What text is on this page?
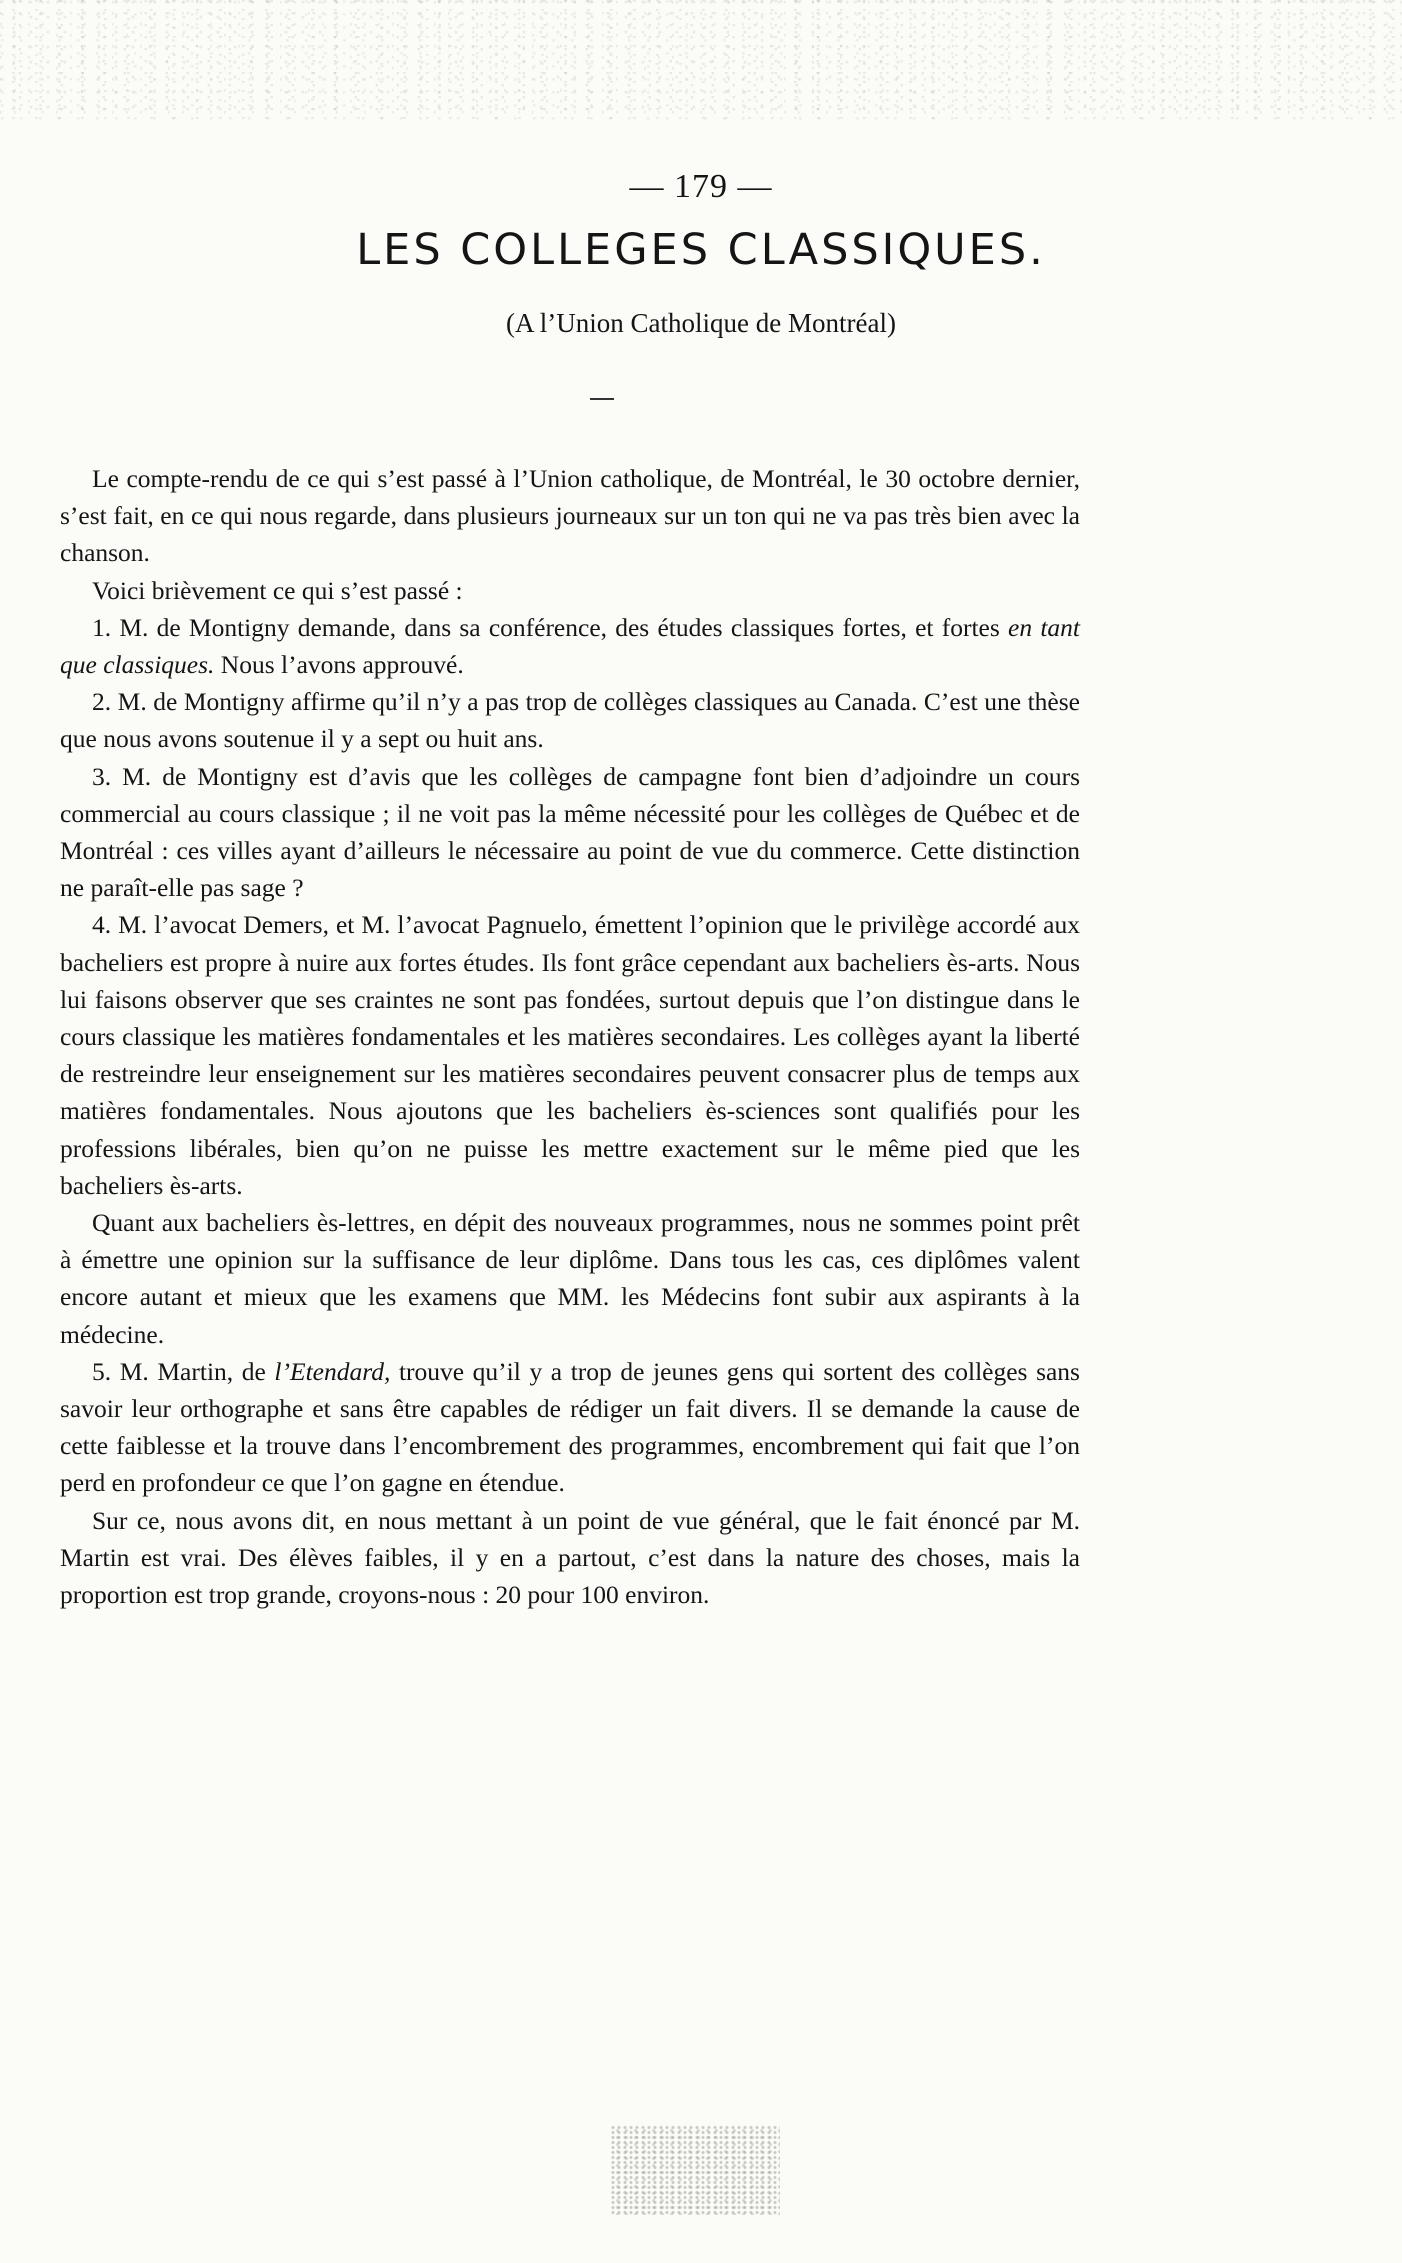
— 179 —
LES COLLEGES CLASSIQUES.
(A l’Union Catholique de Montréal)

Le compte-rendu de ce qui s’est passé à l’Union catholique, de Montréal, le 30 octobre dernier, s’est fait, en ce qui nous regarde, dans plusieurs journeaux sur un ton qui ne va pas très bien avec la chanson.

Voici brièvement ce qui s’est passé :

1. M. de Montigny demande, dans sa conférence, des études classiques fortes, et fortes en tant que classiques. Nous l’avons approuvé.

2. M. de Montigny affirme qu’il n’y a pas trop de collèges classiques au Canada. C’est une thèse que nous avons soutenue il y a sept ou huit ans.

3. M. de Montigny est d’avis que les collèges de campagne font bien d’adjoindre un cours commercial au cours classique ; il ne voit pas la même nécessité pour les collèges de Québec et de Montréal : ces villes ayant d’ailleurs le nécessaire au point de vue du commerce. Cette distinction ne paraît-elle pas sage ?

4. M. l’avocat Demers, et M. l’avocat Pagnuelo, émettent l’opinion que le privilège accordé aux bacheliers est propre à nuire aux fortes études. Ils font grâce cependant aux bacheliers ès-arts. Nous lui faisons observer que ses craintes ne sont pas fondées, surtout depuis que l’on distingue dans le cours classique les matières fondamentales et les matières secondaires. Les collèges ayant la liberté de restreindre leur enseignement sur les matières secondaires peuvent consacrer plus de temps aux matières fondamentales. Nous ajoutons que les bacheliers ès-sciences sont qualifiés pour les professions libérales, bien qu’on ne puisse les mettre exactement sur le même pied que les bacheliers ès-arts.

Quant aux bacheliers ès-lettres, en dépit des nouveaux programmes, nous ne sommes point prêt à émettre une opinion sur la suffisance de leur diplôme. Dans tous les cas, ces diplômes valent encore autant et mieux que les examens que MM. les Médecins font subir aux aspirants à la médecine.

5. M. Martin, de l’Etendard, trouve qu’il y a trop de jeunes gens qui sortent des collèges sans savoir leur orthographe et sans être capables de rédiger un fait divers. Il se demande la cause de cette faiblesse et la trouve dans l’encombrement des programmes, encombrement qui fait que l’on perd en profondeur ce que l’on gagne en étendue.

Sur ce, nous avons dit, en nous mettant à un point de vue général, que le fait énoncé par M. Martin est vrai. Des élèves faibles, il y en a partout, c’est dans la nature des choses, mais la proportion est trop grande, croyons-nous : 20 pour 100 environ.
